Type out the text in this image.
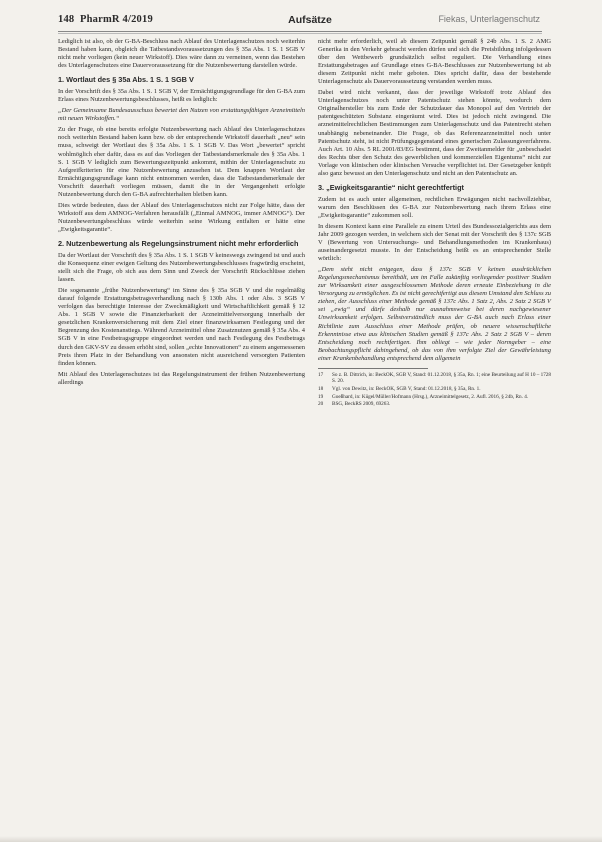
148 PharmR 4/2019	Aufsätze	Fiekas, Unterlagenschutz

Lediglich ist also, ob der G-BA-Beschluss nach Ablauf des Unterlagenschutzes noch weiterhin Bestand haben kann, obgleich die Tatbestandsvoraussetzungen des § 35a Abs. 1 S. 1 SGB V nicht mehr vorliegen (kein neuer Wirkstoff). Dies wäre dann zu verneinen, wenn das Bestehen des Unterlagenschutzes eine Dauervoraussetzung für die Nutzenbewertung darstellen würde.

1. Wortlaut des § 35a Abs. 1 S. 1 SGB V

In der Vorschrift des § 35a Abs. 1 S. 1 SGB V, der Ermächtigungsgrundlage für den G-BA zum Erlass eines Nutzenbewertungsbeschlusses, heißt es lediglich:

„Der Gemeinsame Bundesausschuss bewertet den Nutzen von erstattungsfähigen Arzneimitteln mit neuen Wirkstoffen.“

Zu der Frage, ob eine bereits erfolgte Nutzenbewertung nach Ablauf des Unterlagenschutzes noch weiterhin Bestand haben kann bzw. ob der entsprechende Wirkstoff dauerhaft „neu“ sein muss, schweigt der Wortlaut des § 35a Abs. 1 S. 1 SGB V. Das Wort „bewertet“ spricht wohlmöglich eher dafür, dass es auf das Vorliegen der Tatbestandsmerkmale des § 35a Abs. 1 S. 1 SGB V lediglich zum Bewertungszeitpunkt ankommt, mithin der Unterlagenschutz zu Aufgreifkriterien für eine Nutzenbewertung anzusehen ist. Dem knappen Wortlaut der Ermächtigungsgrundlage kann nicht entnommen werden, dass die Tatbestandsmerkmale der Vorschrift dauerhaft vorliegen müssen, damit die in der Vergangenheit erfolgte Nutzenbewertung durch den G-BA aufrechterhalten bleiben kann.

Dies würde bedeuten, dass der Ablauf des Unterlagenschutzes nicht zur Folge hätte, dass der Wirkstoff aus dem AMNOG-Verfahren herausfällt („Einmal AMNOG, immer AMNOG“). Der Nutzenbewertungsbeschluss würde weiterhin seine Wirkung entfalten er hätte eine „Ewigkeitsgarantie“.

2. Nutzenbewertung als Regelungsinstrument nicht mehr erforderlich

Da der Wortlaut der Vorschrift des § 35a Abs. 1 S. 1 SGB V keineswegs zwingend ist und auch die Konsequenz einer ewigen Geltung des Nutzenbewertungsbeschlusses fragwürdig erscheint, stellt sich die Frage, ob sich aus dem Sinn und Zweck der Vorschrift Rückschlüsse ziehen lassen.

Die sogenannte „frühe Nutzenbewertung“ im Sinne des § 35a SGB V und die regelmäßig darauf folgende Erstattungsbetragsverhandlung nach § 130b Abs. 1 oder Abs. 3 SGB V verfolgen das berechtigte Interesse der Zweckmäßigkeit und Wirtschaftlichkeit gemäß § 12 Abs. 1 SGB V sowie die Finanzierbarkeit der Arzneimittelversorgung innerhalb der gesetzlichen Krankenversicherung mit dem Ziel einer finanzwirksamen Festlegung und der Begrenzung des Kostenanstiegs. Während Arzneimittel ohne Zusatznutzen gemäß § 35a Abs. 4 SGB V in eine Festbetragsgruppe eingeordnet werden und nach Festlegung des Festbetrags durch den GKV-SV zu dessen erhöht sind, sollen „echte Innovationen“ zu einem angemessenen Preis ihren Platz in der Behandlung von ansonsten nicht ausreichend versorgten Patienten finden können.

Mit Ablauf des Unterlagenschutzes ist das Regelungsinstrument der frühen Nutzenbewertung allerdings

nicht mehr erforderlich, weil ab diesem Zeitpunkt gemäß § 24b Abs. 1 S. 2 AMG Generika in den Verkehr gebracht werden dürfen und sich die Preisbildung infolgedessen über den Wettbewerb grundsätzlich selbst reguliert. Die Verhandlung eines Erstattungsbetrages auf Grundlage eines G-BA-Beschlusses zur Nutzenbewertung ist ab diesem Zeitpunkt nicht mehr geboten. Dies spricht dafür, dass der bestehende Unterlagenschutz als Dauervoraussetzung verstanden werden muss.

Dabei wird nicht verkannt, dass der jeweilige Wirkstoff trotz Ablauf des Unterlagenschutzes noch unter Patentschutz stehen könnte, wodurch dem Originalhersteller bis zum Ende der Schutzdauer das Monopol auf den Vertrieb der patentgeschützten Substanz eingeräumt wird. Dies ist jedoch nicht zwingend. Die arzneimittelrechtlichen Bestimmungen zum Unterlagenschutz und das Patentrecht stehen unabhängig nebeneinander. Die Frage, ob das Referenzarzneimittel noch unter Patentschutz steht, ist nicht Prüfungsgegenstand eines generischen Zulassungsverfahrens. Auch Art. 10 Abs. 5 RL 2001/83/EG bestimmt, dass der Zweitanmelder für „unbeschadet des Rechts über den Schutz des gewerblichen und kommerziellen Eigentums“ nicht zur Vorlage von klinischen oder klinischen Versuche verpflichtet ist. Der Gesetzgeber knüpft also ganz bewusst an den Unterlagenschutz und nicht an den Patentschutz an.

3. „Ewigkeitsgarantie“ nicht gerechtfertigt

Zudem ist es auch unter allgemeinen, rechtlichen Erwägungen nicht nachvollziehbar, warum den Beschlüssen des G-BA zur Nutzenbewertung nach ihrem Erlass eine „Ewigkeitsgarantie“ zukommen soll.

In diesem Kontext kann eine Parallele zu einem Urteil des Bundessozialgerichts aus dem Jahr 2009 gezogen werden, in welchem sich der Senat mit der Vorschrift des § 137c SGB V (Bewertung von Untersuchungs- und Behandlungsmethoden im Krankenhaus) auseinandergesetzt musste. In der Entscheidung heißt es an entsprechender Stelle wörtlich:

„Dem steht nicht entgegen, dass § 137c SGB V keinen ausdrücklichen Regelungsmechanismus bereithält, um im Falle zukünftig vorliegender positiver Studien zur Wirksamkeit einer ausgeschlossenen Methode deren erneute Einbeziehung in die Versorgung zu ermöglichen. Es ist nicht gerechtfertigt aus diesem Umstand den Schluss zu ziehen, der Ausschluss einer Methode gemäß § 137c Abs. 1 Satz 2, Abs. 2 Satz 2 SGB V sei „ewig“ und dürfe deshalb nur ausnahmsweise bei deren nachgewiesener Unwirksamkeit erfolgen. Selbstverständlich muss der G-BA auch nach Erlass einer Richtlinie zum Ausschluss einer Methode prüfen, ob neuere wissenschaftliche Erkenntnisse etwa aus klinischen Studien gemäß § 137c Abs. 2 Satz 2 SGB V – deren Entscheidung noch rechtfertigen. Ihm obliegt – wie jeder Normgeber – eine Beobachtungspflicht dahingehend, ob das von ihm verfolgte Ziel der Gewährleistung einer Krankenbehandlung entsprechend dem allgemein

17	So z. B. Dittrich, in: BeckOK, SGB V, Stand: 01.12.2018, § 35a, Rn. 1; eine Beurteilung auf H 10 – 1728 S. 20.
18	Vgl. von Dewitz, in: BeckOK, SGB V, Stand: 01.12.2018, § 35a, Rn. 1.
19	Goeßhard, in: Kügel/Müller/Hofmann (Hrsg.), Arzneimittelgesetz, 2. Aufl. 2016, § 24b, Rn. 4.
20	BSG, BeckRS 2009, 69263.
